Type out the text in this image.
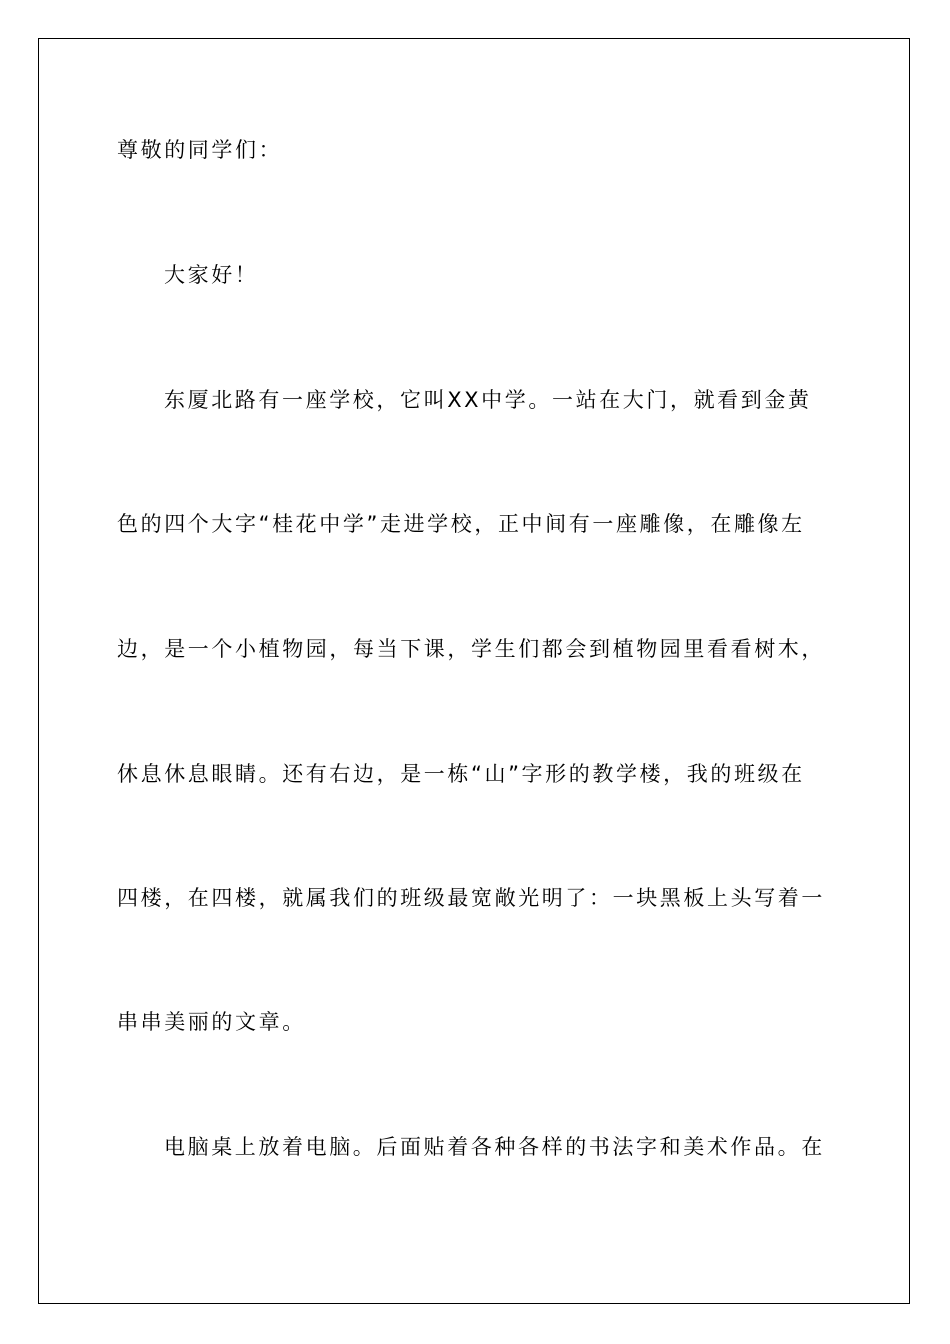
尊敬的同学们：
大家好！
东厦北路有一座学校，它叫XX中学。一站在大门，就看到金黄
色的四个大字“桂花中学”走进学校，正中间有一座雕像，在雕像左
边，是一个小植物园，每当下课，学生们都会到植物园里看看树木，
休息休息眼睛。还有右边，是一栋“山”字形的教学楼，我的班级在
四楼，在四楼，就属我们的班级最宽敞光明了：一块黑板上头写着一
串串美丽的文章。
电脑桌上放着电脑。后面贴着各种各样的书法字和美术作品。在
